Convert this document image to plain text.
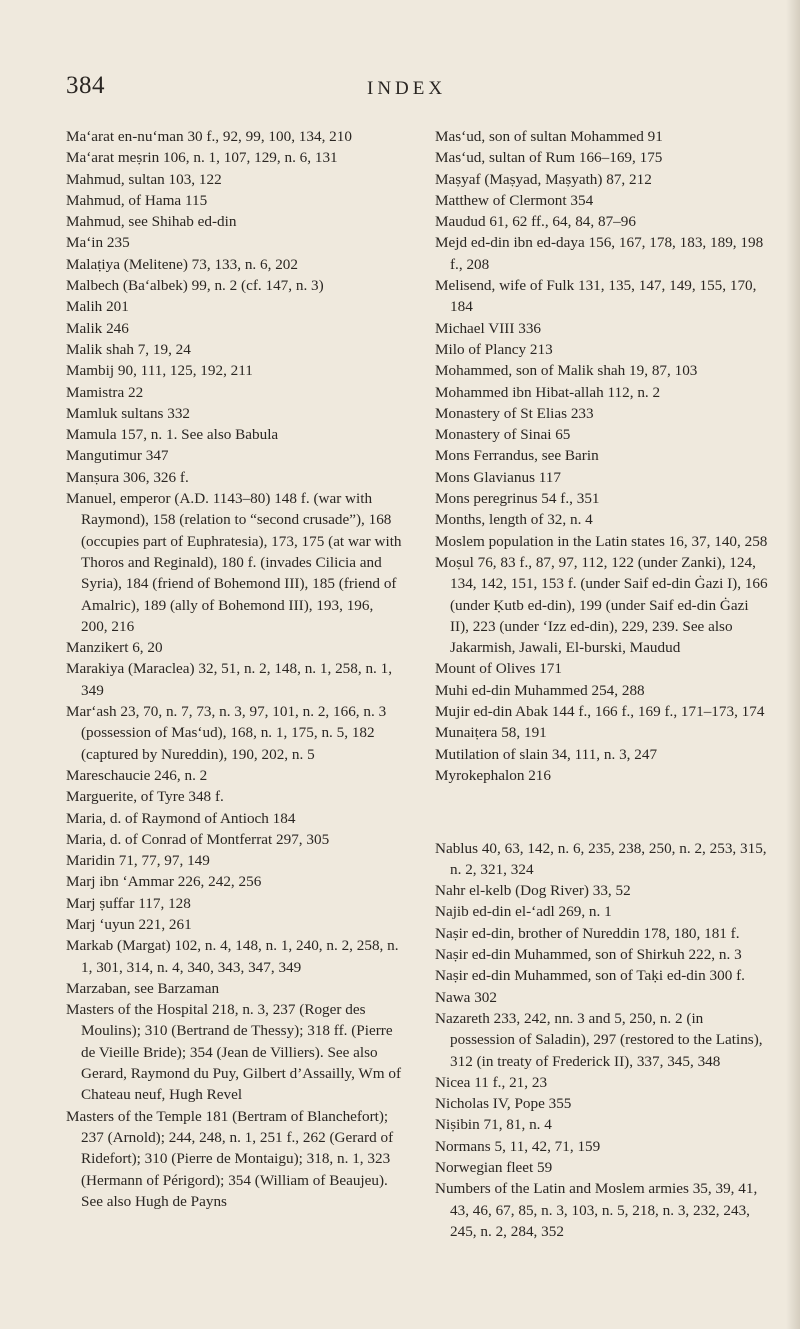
384	INDEX

Ma‘arat en-nu‘man 30 f., 92, 99, 100, 134, 210

Ma‘arat meṣrin 106, n. 1, 107, 129, n. 6, 131

Mahmud, sultan 103, 122

Mahmud, of Hama 115

Mahmud, see Shihab ed-din

Ma‘in 235

Malaṭiya (Melitene) 73, 133, n. 6, 202

Malbech (Ba‘albek) 99, n. 2 (cf. 147, n. 3)

Malih 201

Malik 246

Malik shah 7, 19, 24

Mambij 90, 111, 125, 192, 211

Mamistra 22

Mamluk sultans 332

Mamula 157, n. 1. See also Babula

Mangutimur 347

Manṣura 306, 326 f.

Manuel, emperor (A.D. 1143–80) 148 f. (war with Raymond), 158 (relation to “second crusade”), 168 (occupies part of Euphratesia), 173, 175 (at war with Thoros and Reginald), 180 f. (invades Cilicia and Syria), 184 (friend of Bohemond III), 185 (friend of Amalric), 189 (ally of Bohemond III), 193, 196, 200, 216

Manzikert 6, 20

Marakiya (Maraclea) 32, 51, n. 2, 148, n. 1, 258, n. 1, 349

Mar‘ash 23, 70, n. 7, 73, n. 3, 97, 101, n. 2, 166, n. 3 (possession of Mas‘ud), 168, n. 1, 175, n. 5, 182 (captured by Nureddin), 190, 202, n. 5

Mareschaucie 246, n. 2

Marguerite, of Tyre 348 f.

Maria, d. of Raymond of Antioch 184

Maria, d. of Conrad of Montferrat 297, 305

Maridin 71, 77, 97, 149

Marj ibn ‘Ammar 226, 242, 256

Marj ṣuffar 117, 128

Marj ‘uyun 221, 261

Markab (Margat) 102, n. 4, 148, n. 1, 240, n. 2, 258, n. 1, 301, 314, n. 4, 340, 343, 347, 349

Marzaban, see Barzaman

Masters of the Hospital 218, n. 3, 237 (Roger des Moulins); 310 (Bertrand de Thessy); 318 ff. (Pierre de Vieille Bride); 354 (Jean de Villiers). See also Gerard, Raymond du Puy, Gilbert d’Assailly, Wm of Chateau neuf, Hugh Revel

Masters of the Temple 181 (Bertram of Blanchefort); 237 (Arnold); 244, 248, n. 1, 251 f., 262 (Gerard of Ridefort); 310 (Pierre de Montaigu); 318, n. 1, 323 (Hermann of Périgord); 354 (William of Beaujeu). See also Hugh de Payns

Mas‘ud, son of sultan Mohammed 91

Mas‘ud, sultan of Rum 166–169, 175

Maṣyaf (Maṣyad, Maṣyath) 87, 212

Matthew of Clermont 354

Maudud 61, 62 ff., 64, 84, 87–96

Mejd ed-din ibn ed-daya 156, 167, 178, 183, 189, 198 f., 208

Melisend, wife of Fulk 131, 135, 147, 149, 155, 170, 184

Michael VIII 336

Milo of Plancy 213

Mohammed, son of Malik shah 19, 87, 103

Mohammed ibn Hibat-allah 112, n. 2

Monastery of St Elias 233

Monastery of Sinai 65

Mons Ferrandus, see Barin

Mons Glavianus 117

Mons peregrinus 54 f., 351

Months, length of 32, n. 4

Moslem population in the Latin states 16, 37, 140, 258

Moṣul 76, 83 f., 87, 97, 112, 122 (under Zanki), 124, 134, 142, 151, 153 f. (under Saif ed-din Ġazi I), 166 (under Ḳutb ed-din), 199 (under Saif ed-din Ġazi II), 223 (under ‘Izz ed-din), 229, 239. See also Jakarmish, Jawali, El-burski, Maudud

Mount of Olives 171

Muhi ed-din Muhammed 254, 288

Mujir ed-din Abak 144 f., 166 f., 169 f., 171–173, 174

Munaiṭera 58, 191

Mutilation of slain 34, 111, n. 3, 247

Myrokephalon 216

Nablus 40, 63, 142, n. 6, 235, 238, 250, n. 2, 253, 315, n. 2, 321, 324

Nahr el-kelb (Dog River) 33, 52

Najib ed-din el-‘adl 269, n. 1

Naṣir ed-din, brother of Nureddin 178, 180, 181 f.

Naṣir ed-din Muhammed, son of Shirkuh 222, n. 3

Naṣir ed-din Muhammed, son of Taḳi ed-din 300 f.

Nawa 302

Nazareth 233, 242, nn. 3 and 5, 250, n. 2 (in possession of Saladin), 297 (restored to the Latins), 312 (in treaty of Frederick II), 337, 345, 348

Nicea 11 f., 21, 23

Nicholas IV, Pope 355

Niṣibin 71, 81, n. 4

Normans 5, 11, 42, 71, 159

Norwegian fleet 59

Numbers of the Latin and Moslem armies 35, 39, 41, 43, 46, 67, 85, n. 3, 103, n. 5, 218, n. 3, 232, 243, 245, n. 2, 284, 352
